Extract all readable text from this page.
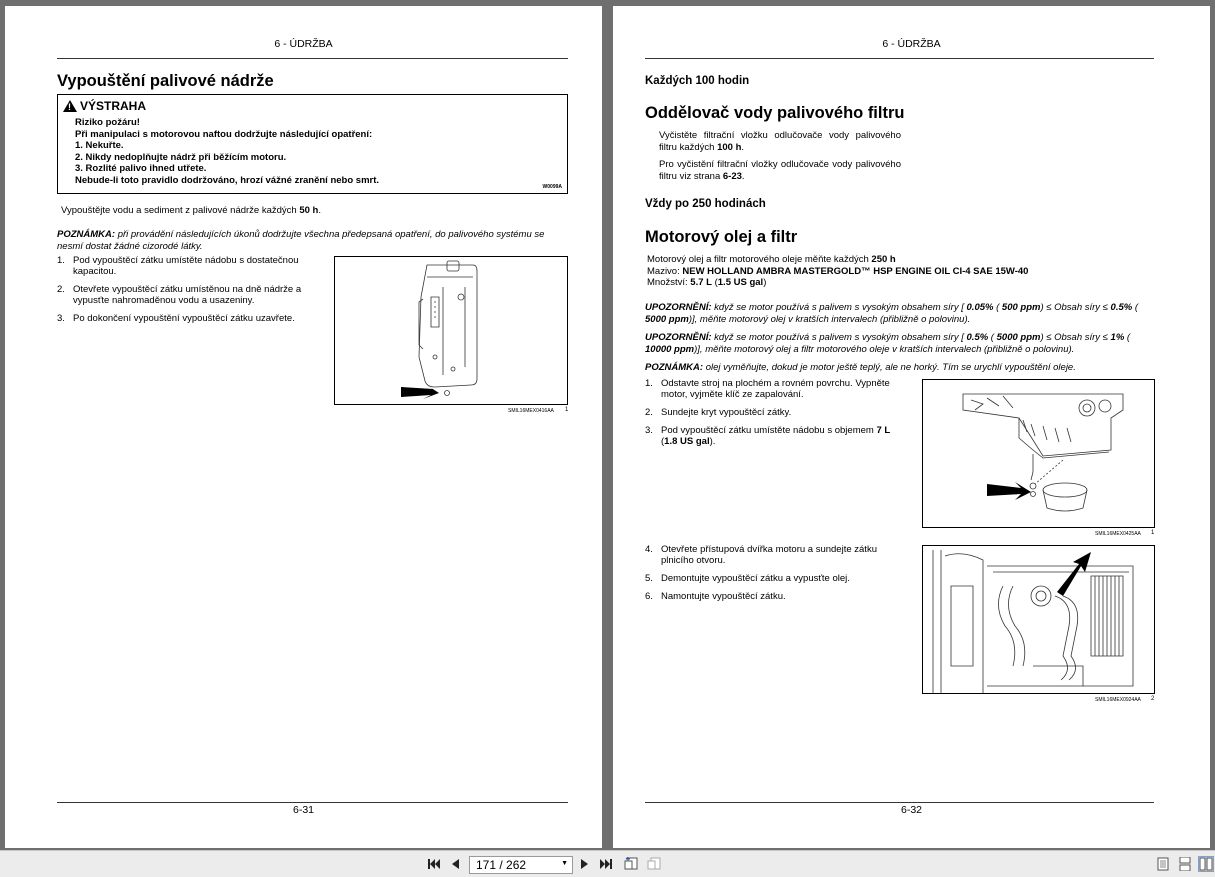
6 - ÚDRŽBA
Vypouštění palivové nádrže
!
VÝSTRAHA
Riziko požáru!
Při manipulaci s motorovou naftou dodržujte následující opatření:
1. Nekuřte.
2. Nikdy nedoplňujte nádrž při běžícím motoru.
3. Rozlité palivo ihned utřete.
Nebude-li toto pravidlo dodržováno, hrozí vážné zranění nebo smrt.
W0099A
Vypouštějte vodu a sediment z palivové nádrže každých 50 h.
POZNÁMKA: při provádění následujících úkonů dodržujte všechna předepsaná opatření, do palivového systému se nesmí dostat žádné cizorodé látky.
1. Pod vypouštěcí zátku umístěte nádobu s dostatečnou kapacitou.
2. Otevřete vypouštěcí zátku umístěnou na dně nádrže a vypusťte nahromaděnou vodu a usazeniny.
3. Po dokončení vypouštění vypouštěcí zátku uzavřete.
SMIL16MEX0416AA 1
6-31
6 - ÚDRŽBA
Každých 100 hodin
Oddělovač vody palivového filtru
Vyčistěte filtrační vložku odlučovače vody palivového filtru každých 100 h.
Pro vyčistění filtrační vložky odlučovače vody palivového filtru viz strana 6-23.
Vždy po 250 hodinách
Motorový olej a filtr
Motorový olej a filtr motorového oleje měňte každých 250 h
Mazivo: NEW HOLLAND AMBRA MASTERGOLD™ HSP ENGINE OIL CI-4 SAE 15W-40
Množství: 5.7 L (1.5 US gal)
UPOZORNĚNÍ: když se motor používá s palivem s vysokým obsahem síry [ 0.05% ( 500 ppm) ≤ Obsah síry ≤ 0.5% ( 5000 ppm)], měňte motorový olej v kratších intervalech (přibližně o polovinu).
UPOZORNĚNÍ: když se motor používá s palivem s vysokým obsahem síry [ 0.5% ( 5000 ppm) ≤ Obsah síry ≤ 1% ( 10000 ppm)], měňte motorový olej a filtr motorového oleje v kratších intervalech (přibližně o polovinu).
POZNÁMKA: olej vyměňujte, dokud je motor ještě teplý, ale ne horký. Tím se urychlí vypouštění oleje.
1. Odstavte stroj na plochém a rovném povrchu. Vypněte motor, vyjměte klíč ze zapalování.
2. Sundejte kryt vypouštěcí zátky.
3. Pod vypouštěcí zátku umístěte nádobu s objemem 7 L (1.8 US gal).
SMIL16MEX0425AA 1
4. Otevřete přístupová dvířka motoru a sundejte zátku plnicího otvoru.
5. Demontujte vypouštěcí zátku a vypusťte olej.
6. Namontujte vypouštěcí zátku.
SMIL16MEX0924AA 2
6-32
171 / 262	▼
